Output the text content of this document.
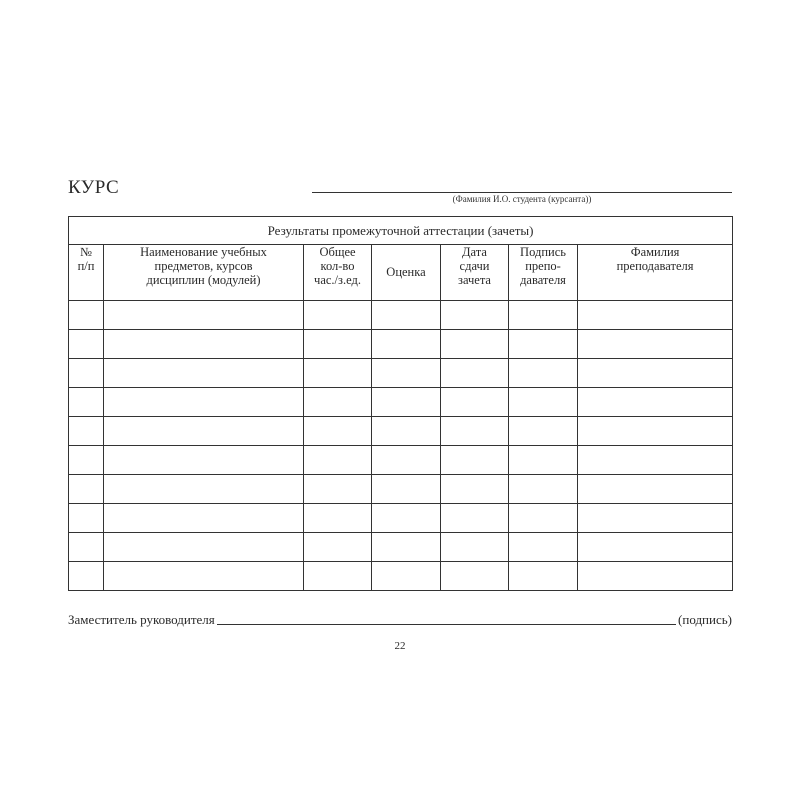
КУРС
(Фамилия И.О. студента (курсанта))
Результаты промежуточной аттестации (зачеты)						

№
п/п	Наименование учебных
предметов, курсов
дисциплин (модулей)	Общее
кол-во
час./з.ед.	Оценка	Дата
сдачи
зачета	Подпись
препо-
давателя	Фамилия
преподавателя

Заместитель руководителя	(подпись)
22
